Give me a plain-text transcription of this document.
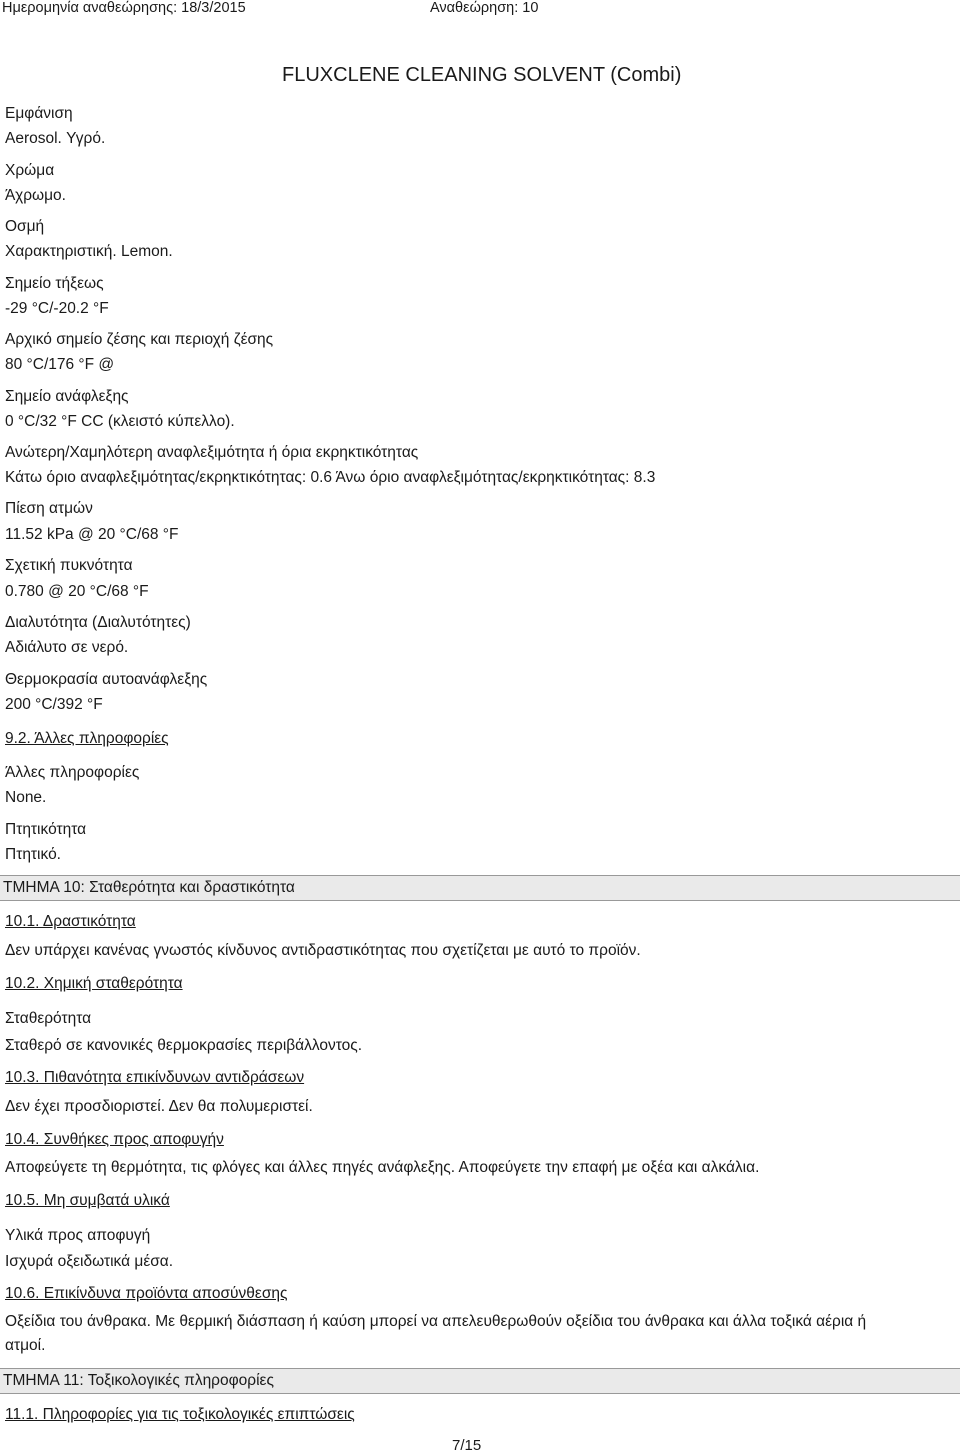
Ημερομηνία αναθεώρησης: 18/3/2015	Αναθεώρηση: 10
FLUXCLENE CLEANING SOLVENT (Combi)
Εμφάνιση
Aerosol. Υγρό.
Χρώμα
Άχρωμο.
Οσμή
Χαρακτηριστική. Lemon.
Σημείο τήξεως
-29 °C/-20.2 °F
Αρχικό σημείο ζέσης και περιοχή ζέσης
80 °C/176 °F @
Σημείο ανάφλεξης
0 °C/32 °F CC (κλειστό κύπελλο).
Ανώτερη/Χαμηλότερη αναφλεξιμότητα ή όρια εκρηκτικότητας
Κάτω όριο αναφλεξιμότητας/εκρηκτικότητας: 0.6 Άνω όριο αναφλεξιμότητας/εκρηκτικότητας: 8.3
Πίεση ατμών
11.52 kPa @ 20 °C/68 °F
Σχετική πυκνότητα
0.780 @ 20 °C/68 °F
Διαλυτότητα (Διαλυτότητες)
Αδιάλυτο σε νερό.
Θερμοκρασία αυτοανάφλεξης
200 °C/392 °F
9.2. Άλλες πληροφορίες
Άλλες πληροφορίες
None.
Πτητικότητα
Πτητικό.
ΤΜΗΜΑ 10: Σταθερότητα και δραστικότητα
10.1. Δραστικότητα
Δεν υπάρχει κανένας γνωστός κίνδυνος αντιδραστικότητας που σχετίζεται με αυτό το προϊόν.
10.2. Χημική σταθερότητα
Σταθερότητα
Σταθερό σε κανονικές θερμοκρασίες περιβάλλοντος.
10.3. Πιθανότητα επικίνδυνων αντιδράσεων
Δεν έχει προσδιοριστεί. Δεν θα πολυμεριστεί.
10.4. Συνθήκες προς αποφυγήν
Αποφεύγετε τη θερμότητα, τις φλόγες και άλλες πηγές ανάφλεξης. Αποφεύγετε την επαφή με οξέα και αλκάλια.
10.5. Μη συμβατά υλικά
Υλικά προς αποφυγή
Ισχυρά οξειδωτικά μέσα.
10.6. Επικίνδυνα προϊόντα αποσύνθεσης
Οξείδια του άνθρακα. Με θερμική διάσπαση ή καύση μπορεί να απελευθερωθούν οξείδια του άνθρακα και άλλα τοξικά αέρια ή
ατμοί.
ΤΜΗΜΑ 11: Τοξικολογικές πληροφορίες
11.1. Πληροφορίες για τις τοξικολογικές επιπτώσεις
7/15
